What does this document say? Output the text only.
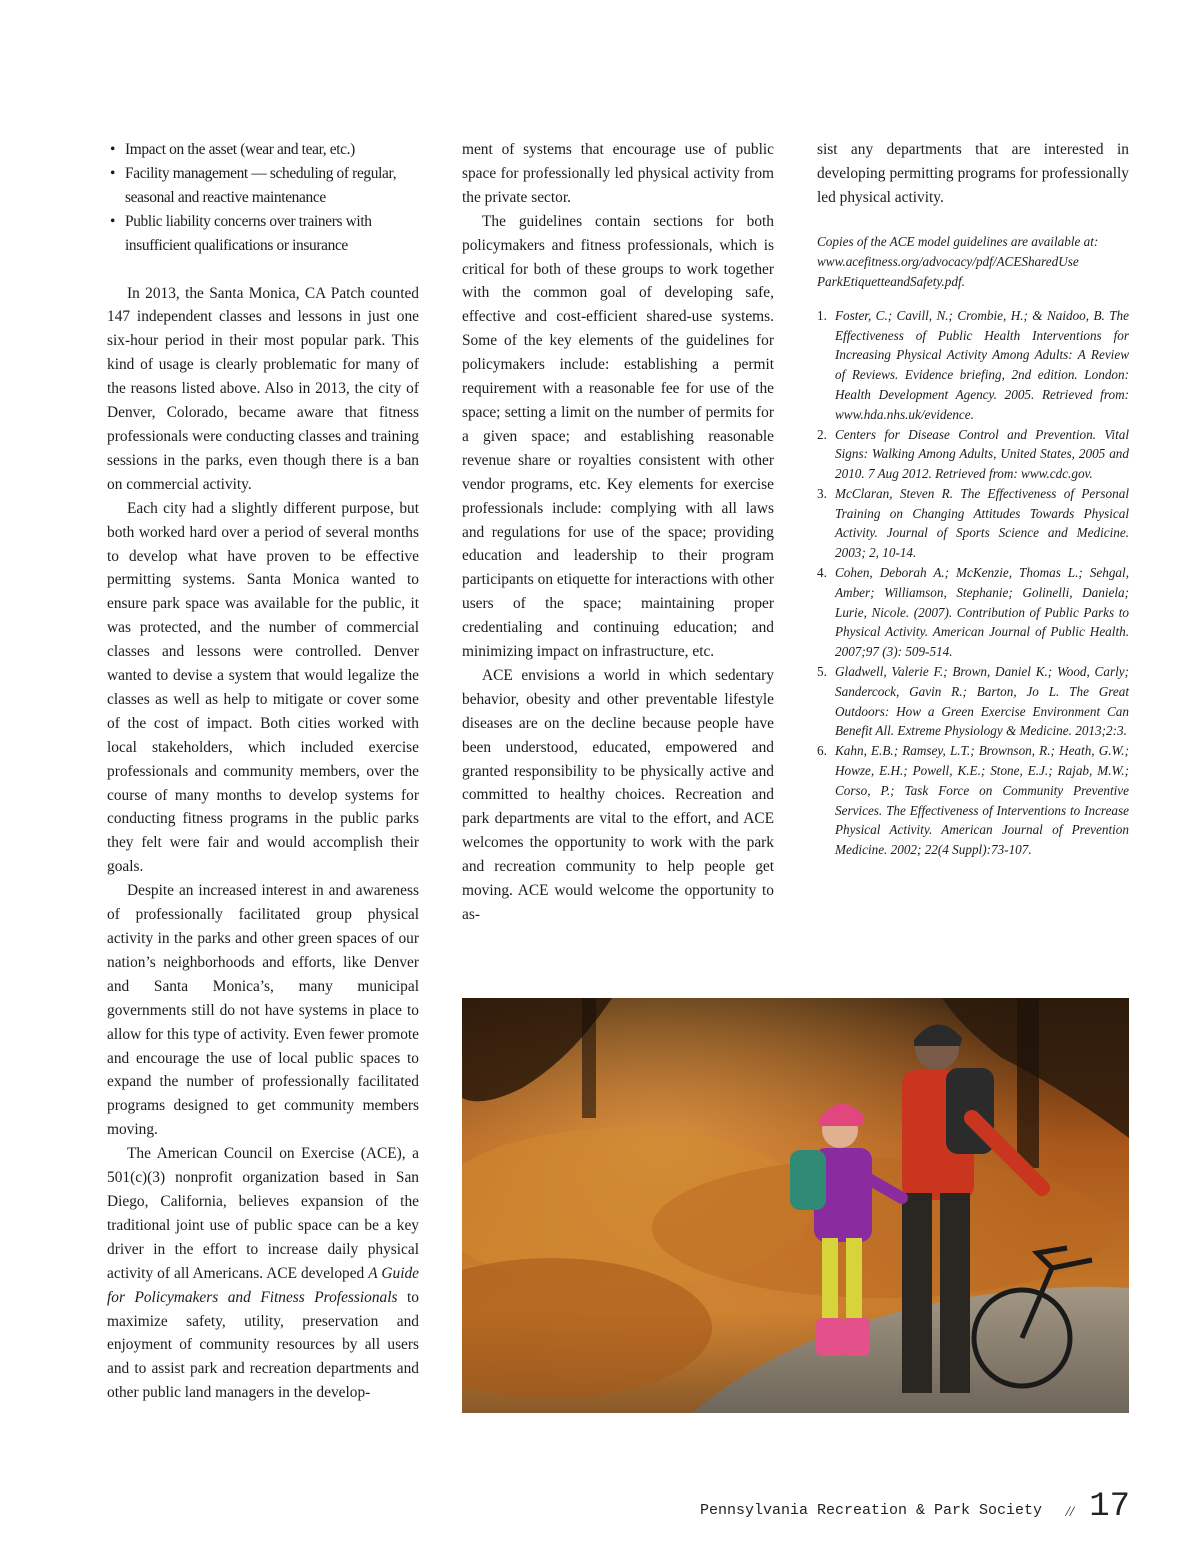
• Impact on the asset (wear and tear, etc.)
• Facility management — scheduling of regular, seasonal and reactive maintenance
• Public liability concerns over trainers with insufficient qualifications or insurance

In 2013, the Santa Monica, CA Patch counted 147 independent classes and lessons in just one six-hour period in their most popular park. This kind of usage is clearly problematic for many of the reasons listed above. Also in 2013, the city of Denver, Colorado, became aware that fitness professionals were conducting classes and training sessions in the parks, even though there is a ban on commercial activity.

Each city had a slightly different purpose, but both worked hard over a period of several months to develop what have proven to be effective permitting systems. Santa Monica wanted to ensure park space was available for the public, it was protected, and the number of commercial classes and lessons were controlled. Denver wanted to devise a system that would legalize the classes as well as help to mitigate or cover some of the cost of impact. Both cities worked with local stakeholders, which included exercise professionals and community members, over the course of many months to develop systems for conducting fitness programs in the public parks they felt were fair and would accomplish their goals.

Despite an increased interest in and awareness of professionally facilitated group physical activity in the parks and other green spaces of our nation’s neighborhoods and efforts, like Denver and Santa Monica’s, many municipal governments still do not have systems in place to allow for this type of activity. Even fewer promote and encourage the use of local public spaces to expand the number of professionally facilitated programs designed to get community members moving.

The American Council on Exercise (ACE), a 501(c)(3) nonprofit organization based in San Diego, California, believes expansion of the traditional joint use of public space can be a key driver in the effort to increase daily physical activity of all Americans. ACE developed A Guide for Policymakers and Fitness Professionals to maximize safety, utility, preservation and enjoyment of community resources by all users and to assist park and recreation departments and other public land managers in the develop-

ment of systems that encourage use of public space for professionally led physical activity from the private sector.

The guidelines contain sections for both policymakers and fitness professionals, which is critical for both of these groups to work together with the common goal of developing safe, effective and cost-efficient shared-use systems. Some of the key elements of the guidelines for policymakers include: establishing a permit requirement with a reasonable fee for use of the space; setting a limit on the number of permits for a given space; and establishing reasonable revenue share or royalties consistent with other vendor programs, etc. Key elements for exercise professionals include: complying with all laws and regulations for use of the space; providing education and leadership to their program participants on etiquette for interactions with other users of the space; maintaining proper credentialing and continuing education; and minimizing impact on infrastructure, etc.

ACE envisions a world in which sedentary behavior, obesity and other preventable lifestyle diseases are on the decline because people have been understood, educated, empowered and granted responsibility to be physically active and committed to healthy choices. Recreation and park departments are vital to the effort, and ACE welcomes the opportunity to work with the park and recreation community to help people get moving. ACE would welcome the opportunity to as-

sist any departments that are interested in developing permitting programs for professionally led physical activity.

Copies of the ACE model guidelines are available at: www.acefitness.org/advocacy/pdf/ACESharedUse ParkEtiquetteandSafety.pdf.

1. Foster, C.; Cavill, N.; Crombie, H.; & Naidoo, B. The Effectiveness of Public Health Interventions for Increasing Physical Activity Among Adults: A Review of Reviews. Evidence briefing, 2nd edition. London: Health Development Agency. 2005. Retrieved from: www.hda.nhs.uk/evidence.
2. Centers for Disease Control and Prevention. Vital Signs: Walking Among Adults, United States, 2005 and 2010. 7 Aug 2012. Retrieved from: www.cdc.gov.
3. McClaran, Steven R. The Effectiveness of Personal Training on Changing Attitudes Towards Physical Activity. Journal of Sports Science and Medicine. 2003; 2, 10-14.
4. Cohen, Deborah A.; McKenzie, Thomas L.; Sehgal, Amber; Williamson, Stephanie; Golinelli, Daniela; Lurie, Nicole. (2007). Contribution of Public Parks to Physical Activity. American Journal of Public Health. 2007;97 (3): 509-514.
5. Gladwell, Valerie F.; Brown, Daniel K.; Wood, Carly; Sandercock, Gavin R.; Barton, Jo L. The Great Outdoors: How a Green Exercise Environment Can Benefit All. Extreme Physiology & Medicine. 2013;2:3.
6. Kahn, E.B.; Ramsey, L.T.; Brownson, R.; Heath, G.W.; Howze, E.H.; Powell, K.E.; Stone, E.J.; Rajab, M.W.; Corso, P.; Task Force on Community Preventive Services. The Effectiveness of Interventions to Increase Physical Activity. American Journal of Prevention Medicine. 2002; 22(4 Suppl):73-107.
Pennsylvania Recreation & Park Society // 17
